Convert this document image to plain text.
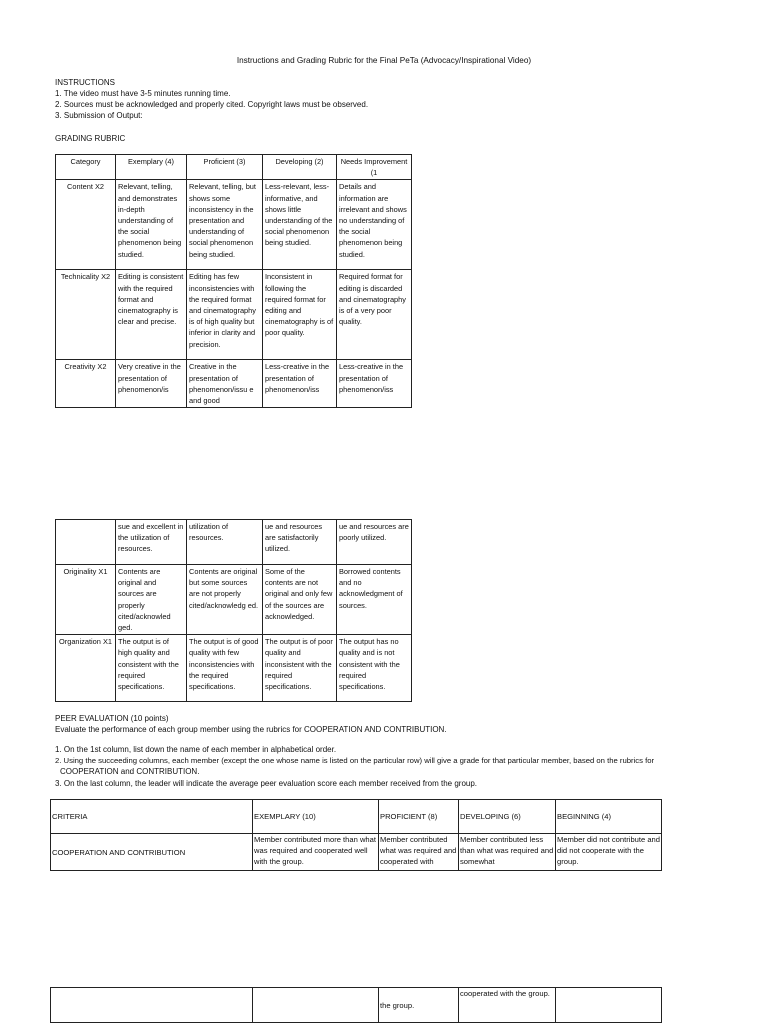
Instructions and Grading Rubric for the Final PeTa (Advocacy/Inspirational Video)
INSTRUCTIONS
1. The video must have 3-5 minutes running time.
2. Sources must be acknowledged and properly cited. Copyright laws must be observed.
3. Submission of Output:
GRADING RUBRIC
Category	Exemplary (4)	Proficient (3)	Developing (2)	Needs Improvement (1
Content X2	Relevant, telling, and demonstrates in-depth understanding of the social phenomenon being studied.	Relevant, telling, but shows some inconsistency in the presentation and understanding of social phenomenon being studied.	Less-relevant, less- informative, and shows little understanding of the social phenomenon being studied.	Details and information are irrelevant and shows no understanding of the social phenomenon being studied.
Technicality X2	Editing is consistent with the required format and cinematography is clear and precise.	Editing has few inconsistencies with the required format and cinematography is of high quality but inferior in clarity and precision.	Inconsistent in following the required format for editing and cinematography is of poor quality.	Required format for editing is discarded and cinematography is of a very poor quality.
Creativity X2	Very creative in the presentation of phenomenon/is	Creative in the presentation of phenomenon/issu e and good	Less-creative in the presentation of phenomenon/iss	Less-creative in the presentation of phenomenon/iss
	sue and excellent in the utilization of resources.	utilization of resources.	ue and resources are satisfactorily utilized.	ue and resources are poorly utilized.
Originality X1	Contents are original and sources are properly cited/acknowled ged.	Contents are original but some sources are not properly cited/acknowledg ed.	Some of the contents are not original and only few of the sources are acknowledged.	Borrowed contents and no acknowledgment of sources.
Organization X1	The output is of high quality and consistent with the required specifications.	The output is of good quality with few inconsistencies with the required specifications.	The output is of poor quality and inconsistent with the required specifications.	The output has no quality and is not consistent with the required specifications.
PEER EVALUATION (10 points)
Evaluate the performance of each group member using the rubrics for COOPERATION AND CONTRIBUTION.
1. On the 1st column, list down the name of each member in alphabetical order.
2. Using the succeeding columns, each member (except the one whose name is listed on the particular row) will give a grade for that particular member, based on the rubrics for
COOPERATION and CONTRIBUTION.
3. On the last column, the leader will indicate the average peer evaluation score each member received from the group.
CRITERIA	EXEMPLARY (10)	PROFICIENT (8)	DEVELOPING (6)	BEGINNING (4)
COOPERATION AND CONTRIBUTION	Member contributed more than what was required and cooperated well with the group.	Member contributed what was required and cooperated with	Member contributed less than what was required and somewhat	Member did not contribute and did not cooperate with the group.
		the group.	cooperated with the group.	
